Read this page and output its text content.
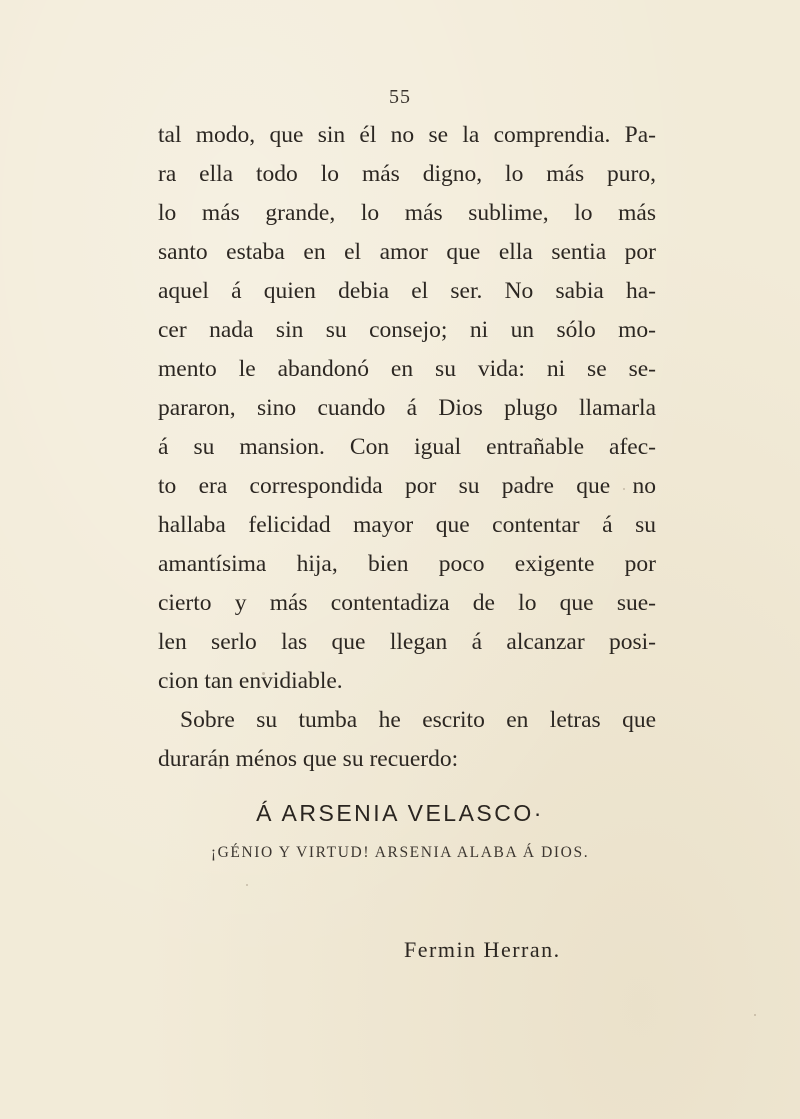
55
tal modo, que sin él no se la comprendia. Pa-
ra ella todo lo más digno, lo más puro,
lo más grande, lo más sublime, lo más
santo estaba en el amor que ella sentia por
aquel á quien debia el ser. No sabia ha-
cer nada sin su consejo; ni un sólo mo-
mento le abandonó en su vida: ni se se-
pararon, sino cuando á Dios plugo llamarla
á su mansion. Con igual entrañable afec-
to era correspondida por su padre que no
hallaba felicidad mayor que contentar á su
amantísima hija, bien poco exigente por
cierto y más contentadiza de lo que sue-
len serlo las que llegan á alcanzar posi-
cion tan envidiable.
Sobre su tumba he escrito en letras que
durarán ménos que su recuerdo:
Á ARSENIA VELASCO·
¡GÉNIO Y VIRTUD! ARSENIA ALABA Á DIOS.
Fermin Herran.
